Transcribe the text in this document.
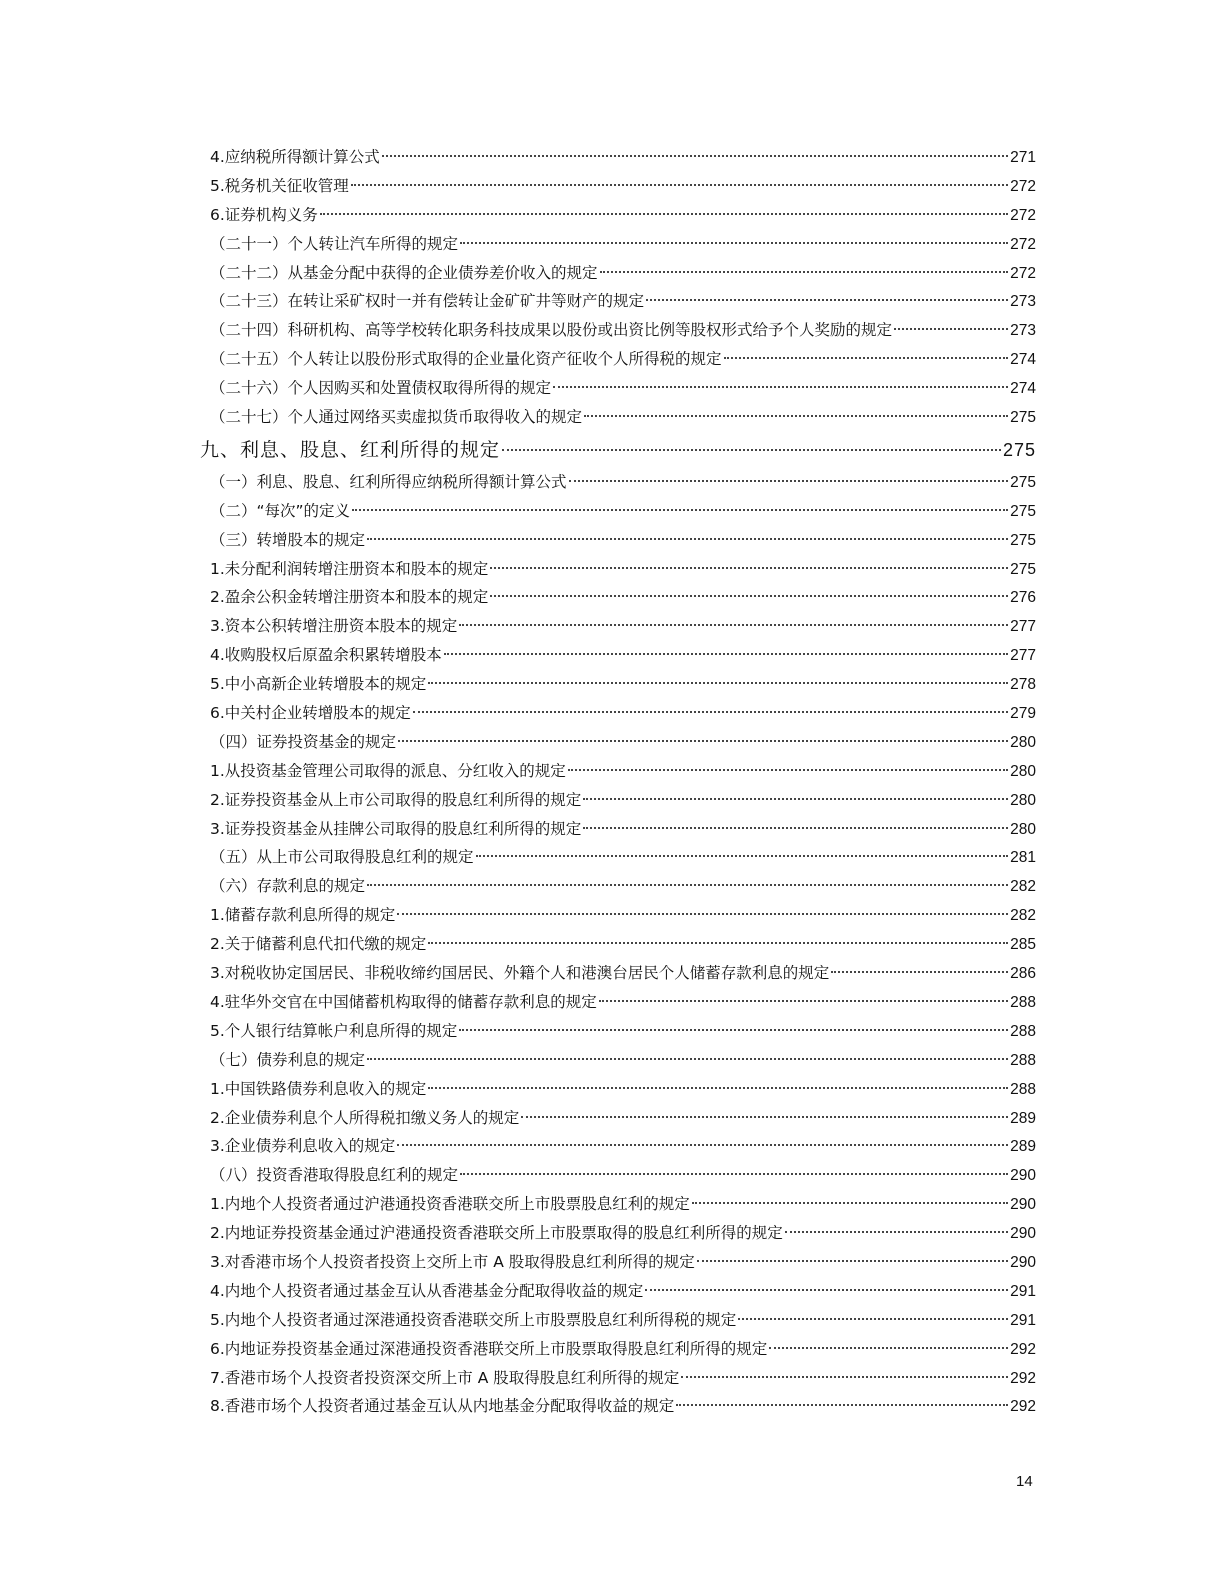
4.应纳税所得额计算公式	271
5.税务机关征收管理	272
6.证券机构义务	272
（二十一）个人转让汽车所得的规定	272
（二十二）从基金分配中获得的企业债券差价收入的规定	272
（二十三）在转让采矿权时一并有偿转让金矿矿井等财产的规定	273
（二十四）科研机构、高等学校转化职务科技成果以股份或出资比例等股权形式给予个人奖励的规定	273
（二十五）个人转让以股份形式取得的企业量化资产征收个人所得税的规定	274
（二十六）个人因购买和处置债权取得所得的规定	274
（二十七）个人通过网络买卖虚拟货币取得收入的规定	275
九、利息、股息、红利所得的规定	275
（一）利息、股息、红利所得应纳税所得额计算公式	275
（二）“每次”的定义	275
（三）转增股本的规定	275
1.未分配利润转增注册资本和股本的规定	275
2.盈余公积金转增注册资本和股本的规定	276
3.资本公积转增注册资本股本的规定	277
4.收购股权后原盈余积累转增股本	277
5.中小高新企业转增股本的规定	278
6.中关村企业转增股本的规定	279
（四）证券投资基金的规定	280
1.从投资基金管理公司取得的派息、分红收入的规定	280
2.证券投资基金从上市公司取得的股息红利所得的规定	280
3.证券投资基金从挂牌公司取得的股息红利所得的规定	280
（五）从上市公司取得股息红利的规定	281
（六）存款利息的规定	282
1.储蓄存款利息所得的规定	282
2.关于储蓄利息代扣代缴的规定	285
3.对税收协定国居民、非税收缔约国居民、外籍个人和港澳台居民个人储蓄存款利息的规定	286
4.驻华外交官在中国储蓄机构取得的储蓄存款利息的规定	288
5.个人银行结算帐户利息所得的规定	288
（七）债券利息的规定	288
1.中国铁路债券利息收入的规定	288
2.企业债券利息个人所得税扣缴义务人的规定	289
3.企业债券利息收入的规定	289
（八）投资香港取得股息红利的规定	290
1.内地个人投资者通过沪港通投资香港联交所上市股票股息红利的规定	290
2.内地证券投资基金通过沪港通投资香港联交所上市股票取得的股息红利所得的规定	290
3.对香港市场个人投资者投资上交所上市 A 股取得股息红利所得的规定	290
4.内地个人投资者通过基金互认从香港基金分配取得收益的规定	291
5.内地个人投资者通过深港通投资香港联交所上市股票股息红利所得税的规定	291
6.内地证券投资基金通过深港通投资香港联交所上市股票取得股息红利所得的规定	292
7.香港市场个人投资者投资深交所上市 A 股取得股息红利所得的规定	292
8.香港市场个人投资者通过基金互认从内地基金分配取得收益的规定	292
14
